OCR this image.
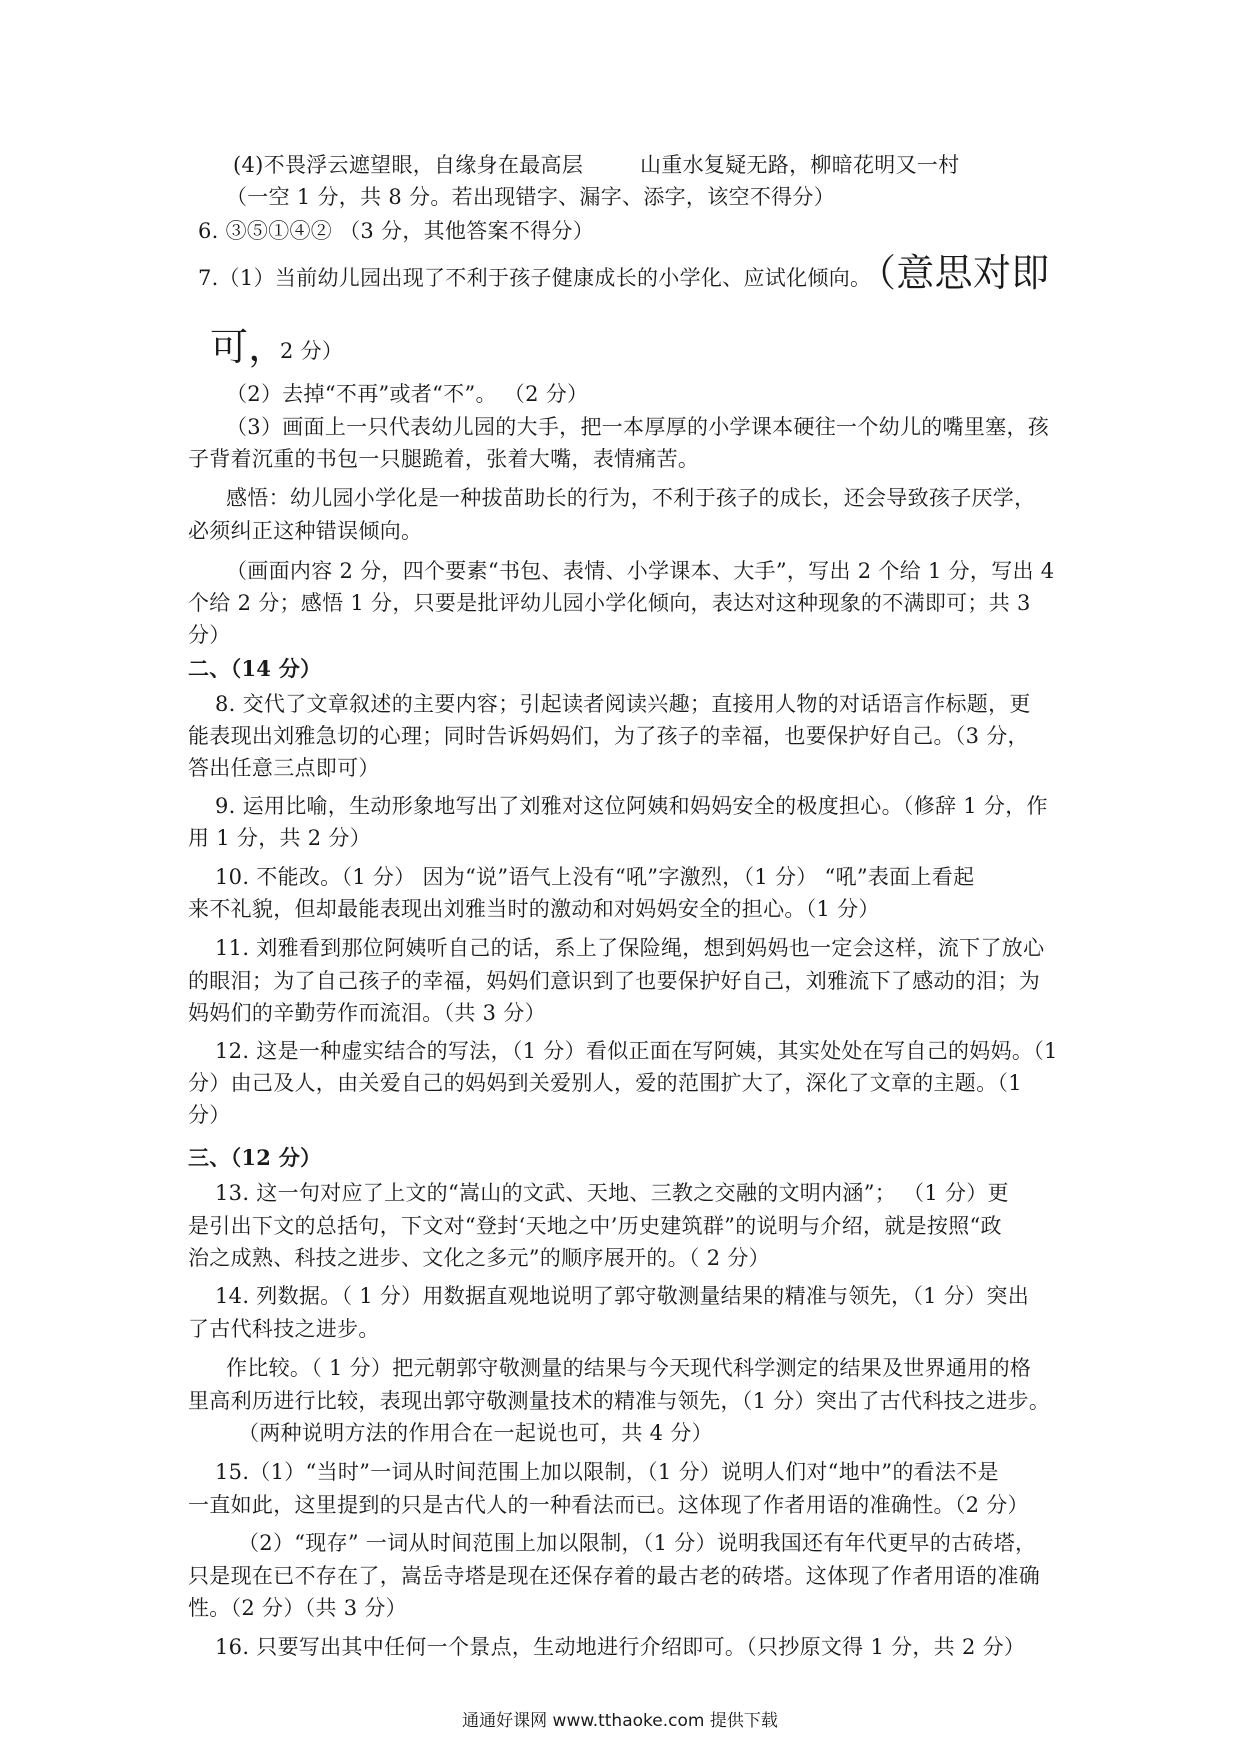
(4)不畏浮云遮望眼，自缘身在最高层	山重水复疑无路，柳暗花明又一村
（一空 1 分，共 8 分。若出现错字、漏字、添字，该空不得分）
6. ③⑤①④② （3 分，其他答案不得分）
7.（1）当前幼儿园出现了不利于孩子健康成长的小学化、应试化倾向。
（意思对即
可，
2 分）
（2）去掉“不再”或者“不”。 （2 分）
（3）画面上一只代表幼儿园的大手，把一本厚厚的小学课本硬往一个幼儿的嘴里塞，孩
子背着沉重的书包一只腿跪着，张着大嘴，表情痛苦。
感悟：幼儿园小学化是一种拔苗助长的行为，不利于孩子的成长，还会导致孩子厌学，
必须纠正这种错误倾向。
（画面内容 2 分，四个要素“书包、表情、小学课本、大手”，写出 2 个给 1 分，写出 4
个给 2 分；感悟 1 分，只要是批评幼儿园小学化倾向，表达对这种现象的不满即可；共 3
分）
二、（14 分）
8. 交代了文章叙述的主要内容；引起读者阅读兴趣；直接用人物的对话语言作标题，更
能表现出刘雅急切的心理；同时告诉妈妈们，为了孩子的幸福，也要保护好自己。（3 分，
答出任意三点即可）
9. 运用比喻，生动形象地写出了刘雅对这位阿姨和妈妈安全的极度担心。（修辞 1 分，作
用 1 分，共 2 分）
10. 不能改。（1 分） 因为“说”语气上没有“吼”字激烈，（1 分） “吼”表面上看起
来不礼貌，但却最能表现出刘雅当时的激动和对妈妈安全的担心。（1 分）
11. 刘雅看到那位阿姨听自己的话，系上了保险绳，想到妈妈也一定会这样，流下了放心
的眼泪；为了自己孩子的幸福，妈妈们意识到了也要保护好自己，刘雅流下了感动的泪；为
妈妈们的辛勤劳作而流泪。（共 3 分）
12. 这是一种虚实结合的写法，（1 分）看似正面在写阿姨，其实处处在写自己的妈妈。（1
分）由己及人，由关爱自己的妈妈到关爱别人，爱的范围扩大了，深化了文章的主题。（1
分）
三、（12 分）
13. 这一句对应了上文的“嵩山的文武、天地、三教之交融的文明内涵”； （1 分）更
是引出下文的总括句，下文对“登封‘天地之中’历史建筑群”的说明与介绍，就是按照“政
治之成熟、科技之进步、文化之多元”的顺序展开的。（ 2 分）
14. 列数据。（ 1 分）用数据直观地说明了郭守敬测量结果的精准与领先，（1 分）突出
了古代科技之进步。
作比较。（ 1 分）把元朝郭守敬测量的结果与今天现代科学测定的结果及世界通用的格
里高利历进行比较，表现出郭守敬测量技术的精准与领先，（1 分）突出了古代科技之进步。
（两种说明方法的作用合在一起说也可，共 4 分）
15.（1）“当时”一词从时间范围上加以限制，（1 分）说明人们对“地中”的看法不是
一直如此，这里提到的只是古代人的一种看法而已。这体现了作者用语的准确性。（2 分）
（2）“现存” 一词从时间范围上加以限制，（1 分）说明我国还有年代更早的古砖塔，
只是现在已不存在了，嵩岳寺塔是现在还保存着的最古老的砖塔。这体现了作者用语的准确
性。（2 分）（共 3 分）
16. 只要写出其中任何一个景点，生动地进行介绍即可。（只抄原文得 1 分，共 2 分）
通通好课网 www.tthaoke.com 提供下载
